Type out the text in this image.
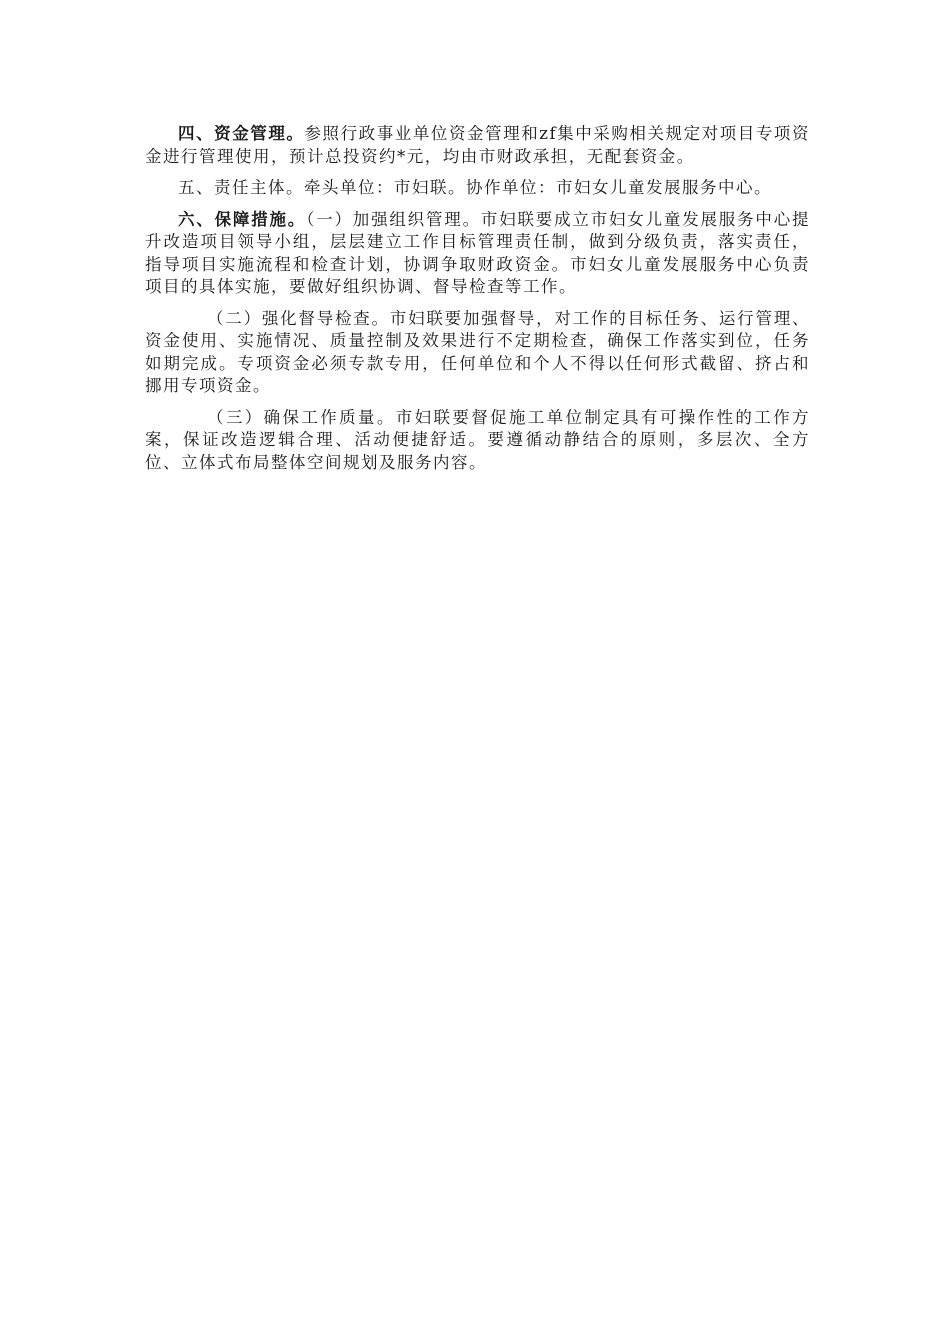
四、资金管理。参照行政事业单位资金管理和zf集中采购相关规定对项目专项资金进行管理使用，预计总投资约*元，均由市财政承担，无配套资金。

五、责任主体。牵头单位：市妇联。协作单位：市妇女儿童发展服务中心。

六、保障措施。（一）加强组织管理。市妇联要成立市妇女儿童发展服务中心提升改造项目领导小组，层层建立工作目标管理责任制，做到分级负责，落实责任，指导项目实施流程和检查计划，协调争取财政资金。市妇女儿童发展服务中心负责项目的具体实施，要做好组织协调、督导检查等工作。

（二）强化督导检查。市妇联要加强督导，对工作的目标任务、运行管理、资金使用、实施情况、质量控制及效果进行不定期检查，确保工作落实到位，任务如期完成。专项资金必须专款专用，任何单位和个人不得以任何形式截留、挤占和挪用专项资金。

（三）确保工作质量。市妇联要督促施工单位制定具有可操作性的工作方案，保证改造逻辑合理、活动便捷舒适。要遵循动静结合的原则，多层次、全方位、立体式布局整体空间规划及服务内容。
